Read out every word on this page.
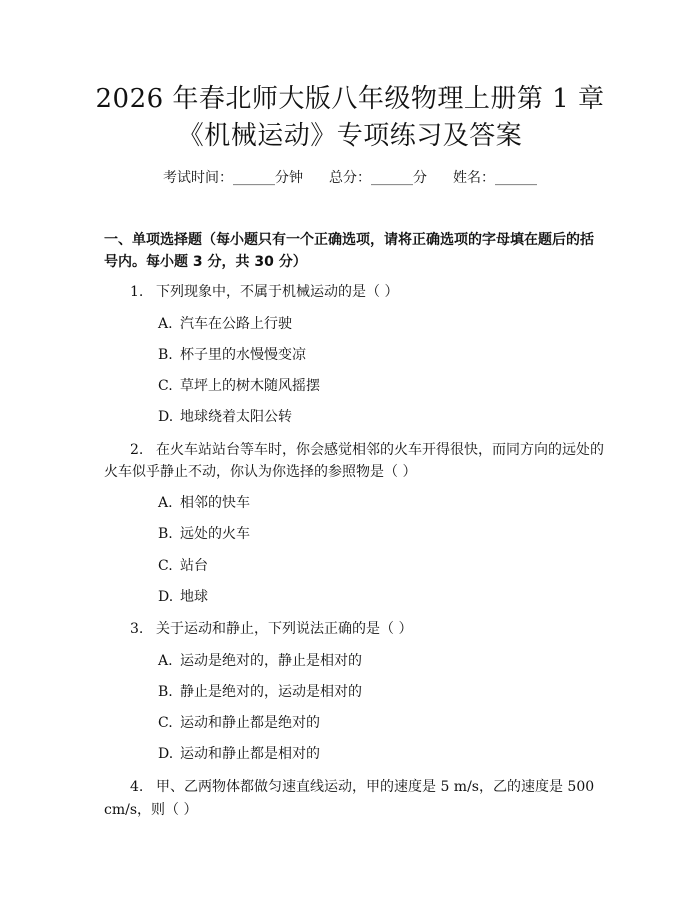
2026 年春北师大版八年级物理上册第 1 章
《机械运动》专项练习及答案
考试时间：______分钟 总分：______分 姓名：______
一、单项选择题（每小题只有一个正确选项，请将正确选项的字母填在题后的括
号内。每小题 3 分，共 30 分）
1. 下列现象中，不属于机械运动的是（ ）
A. 汽车在公路上行驶
B. 杯子里的水慢慢变凉
C. 草坪上的树木随风摇摆
D. 地球绕着太阳公转
2. 在火车站站台等车时，你会感觉相邻的火车开得很快，而同方向的远处的
火车似乎静止不动，你认为你选择的参照物是（ ）
A. 相邻的快车
B. 远处的火车
C. 站台
D. 地球
3. 关于运动和静止，下列说法正确的是（ ）
A. 运动是绝对的，静止是相对的
B. 静止是绝对的，运动是相对的
C. 运动和静止都是绝对的
D. 运动和静止都是相对的
4. 甲、乙两物体都做匀速直线运动，甲的速度是 5 m/s，乙的速度是 500
cm/s，则（ ）
